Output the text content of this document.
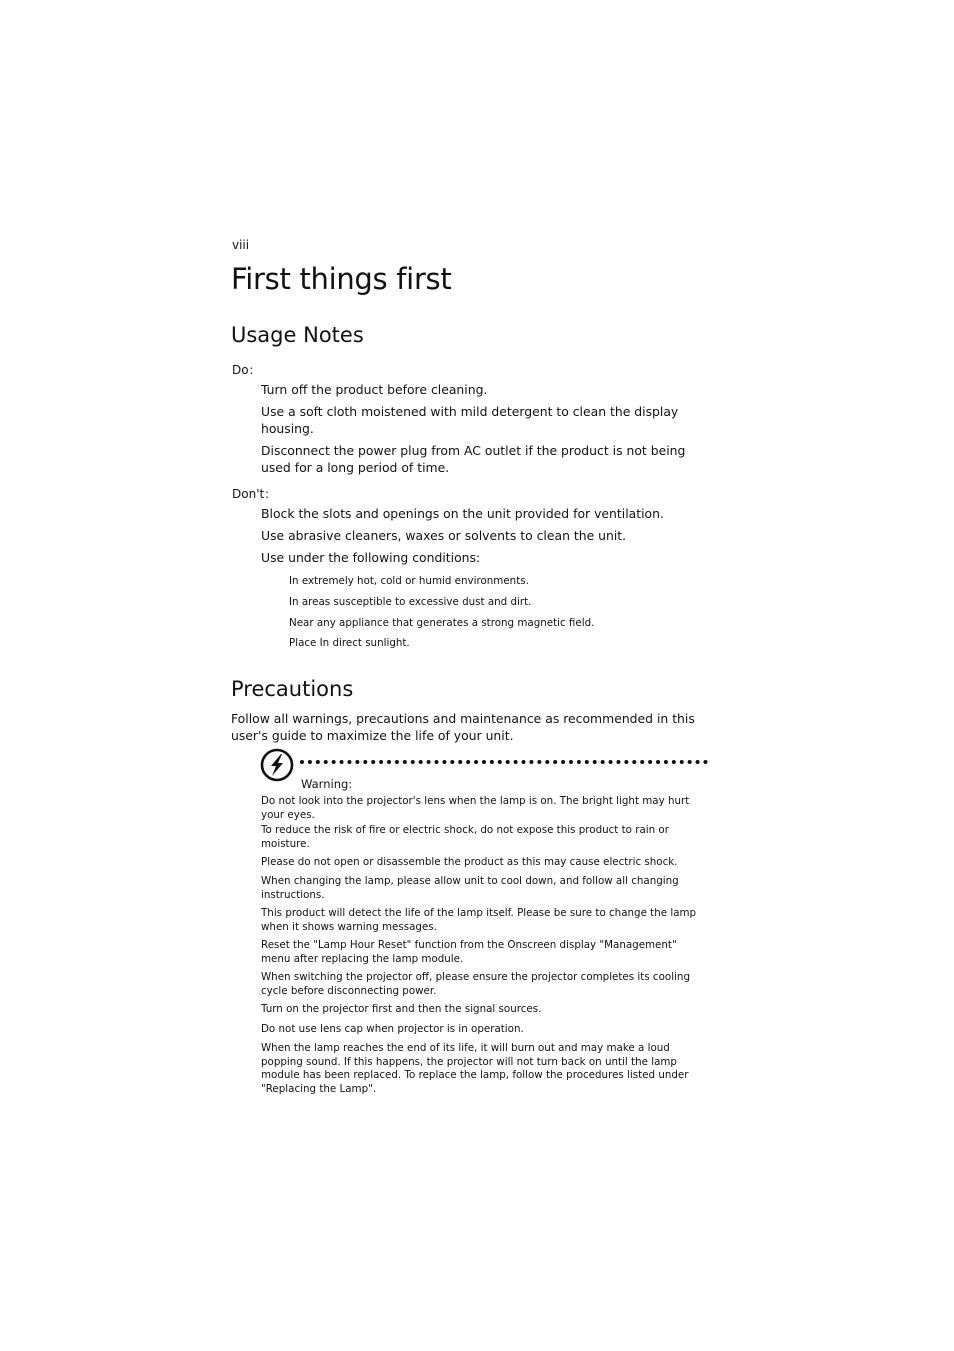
viii
First things first
Usage Notes
Do：
Turn off the product before cleaning.
Use a soft cloth moistened with mild detergent to clean the display housing.
Disconnect the power plug from AC outlet if the product is not being used for a long period of time.
Don't：
Block the slots and openings on the unit provided for ventilation.
Use abrasive cleaners, waxes or solvents to clean the unit.
Use under the following conditions:
In extremely hot, cold or humid environments.
In areas susceptible to excessive dust and dirt.
Near any appliance that generates a strong magnetic field.
Place In direct sunlight.
Precautions
Follow all warnings, precautions and maintenance as recommended in this user's guide to maximize the life of your unit.
Warning:
Do not look into the projector's lens when the lamp is on. The bright light may hurt your eyes.
To reduce the risk of fire or electric shock, do not expose this product to rain or moisture.
Please do not open or disassemble the product as this may cause electric shock.
When changing the lamp, please allow unit to cool down, and follow all changing instructions.
This product will detect the life of the lamp itself. Please be sure to change the lamp when it shows warning messages.
Reset the "Lamp Hour Reset" function from the Onscreen display "Management" menu after replacing the lamp module.
When switching the projector off, please ensure the projector completes its cooling cycle before disconnecting power.
Turn on the projector first and then the signal sources.
Do not use lens cap when projector is in operation.
When the lamp reaches the end of its life, it will burn out and may make a loud popping sound. If this happens, the projector will not turn back on until the lamp module has been replaced. To replace the lamp, follow the procedures listed under "Replacing the Lamp".
